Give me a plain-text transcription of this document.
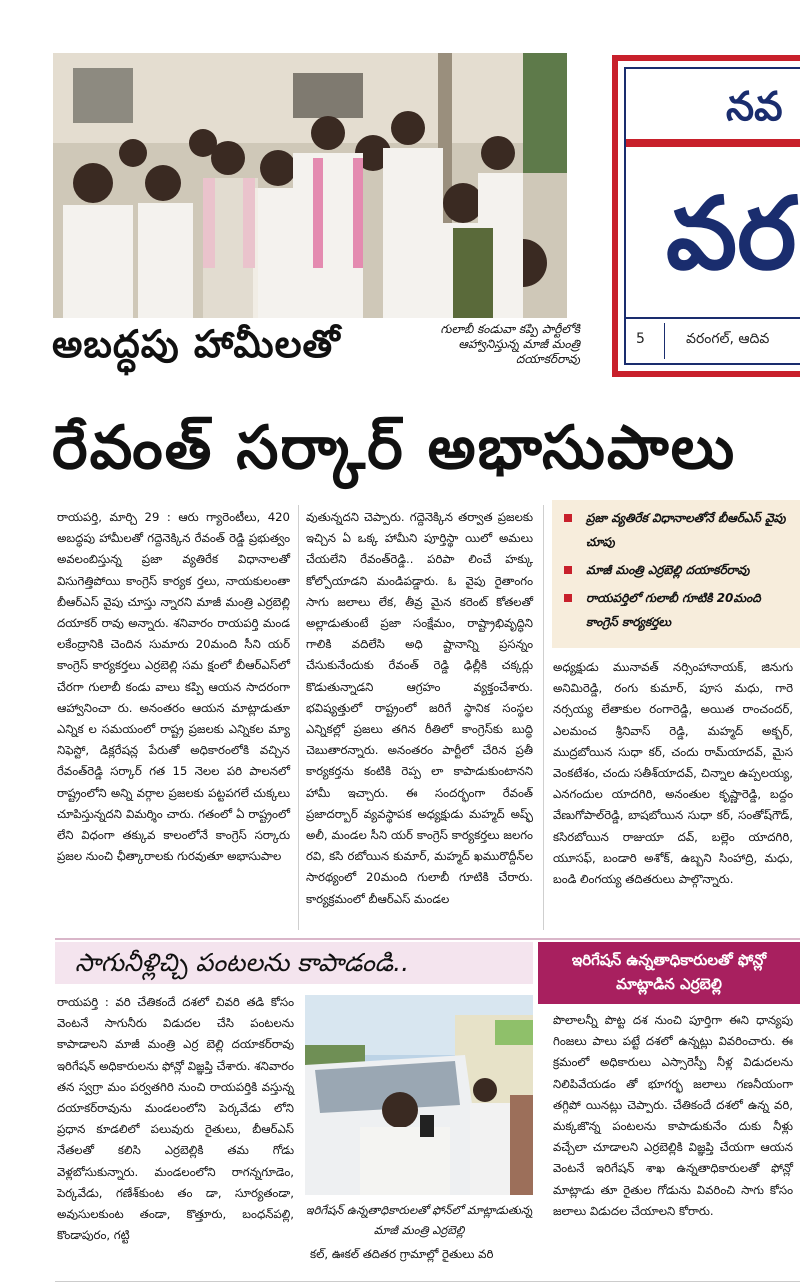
గులాబీ కండువా కప్పి పార్టీలోకి ఆహ్వానిస్తున్న మాజీ మంత్రి దయాకర్‌రావు
అబద్ధపు హామీలతో
రేవంత్ సర్కార్ అభాసుపాలు
నవ
వర
5	వరంగల్, ఆదివ
రాయపర్తి, మార్చి 29 : ఆరు గ్యారెంటీలు, 420 అబద్ధపు హామీలతో గద్దెనెక్కిన రేవంత్ రెడ్డి ప్రభుత్వం అవలంబిస్తున్న ప్రజా వ్యతిరేక విధానాలతో విసుగెత్తిపోయి కాంగ్రెస్ కార్యక ర్తలు, నాయకులంతా బీఆర్‌ఎస్ వైపు చూస్తు న్నారని మాజీ మంత్రి ఎర్రబెల్లి దయాకర్ రావు అన్నారు. శనివారం రాయపర్తి మండ లకేంద్రానికి చెందిన సుమారు 20మంది సీని యర్ కాంగ్రెస్ కార్యకర్తలు ఎర్రబెల్లి సమ క్షంలో బీఆర్‌ఎస్‌లో చేరగా గులాబీ కండు వాలు కప్పి ఆయన సాదరంగా ఆహ్వానించా రు. అనంతరం ఆయన మాట్లాడుతూ ఎన్నిక ల సమయంలో రాష్ట్ర ప్రజలకు ఎన్నికల మ్యా నిఫెస్టో, డిక్లరేషన్ల పేరుతో అధికారంలోకి వచ్చిన రేవంత్‌రెడ్డి సర్కార్ గత 15 నెలల పరి పాలనలో రాష్ట్రంలోని అన్ని వర్గాల ప్రజలకు పట్టపగలే చుక్కలు చూపిస్తున్నదని విమర్శిం చారు. గతంలో ఏ రాష్ట్రంలో లేని విధంగా తక్కువ కాలంలోనే కాంగ్రెస్ సర్కారు ప్రజల నుంచి ఛీత్కారాలకు గురవుతూ అభాసుపాల
వుతున్నదని చెప్పారు. గద్దెనెక్కిన తర్వాత ప్రజలకు ఇచ్చిన ఏ ఒక్క హామీని పూర్తిస్థా యిలో అమలు చేయలేని రేవంత్‌రెడ్డి.. పరిపా లించే హక్కు కోల్పోయాడని మండిపడ్డారు. ఓ వైపు రైతాంగం సాగు జలాలు లేక, తీవ్ర మైన కరెంట్ కోతలతో అల్లాడుతుంటే ప్రజా సంక్షేమం, రాష్ట్రాభివృద్ధిని గాలికి వదిలేసి అధి ష్టానాన్ని ప్రసన్నం చేసుకునేందుకు రేవంత్ రెడ్డి ఢిల్లీకి చక్కర్లు కొడుతున్నాడని ఆగ్రహం వ్యక్తంచేశారు. భవిష్యత్తులో రాష్ట్రంలో జరిగే స్థానిక సంస్థల ఎన్నికల్లో ప్రజలు తగిన రీతిలో కాంగ్రెస్‌కు బుద్ధి చెబుతారన్నారు. అనంతరం పార్టీలో చేరిన ప్రతీ కార్యకర్తను కంటికి రెప్ప లా కాపాడుకుంటానని హామీ ఇచ్చారు. ఈ సందర్భంగా రేవంత్ ప్రజాదర్బార్ వ్యవస్థాపక అధ్యక్షుడు మహ్మద్ అష్ఫ్ అలీ, మండల సీని యర్ కాంగ్రెస్ కార్యకర్తలు జలగం రవి, కసి రబోయిన కుమార్, మహ్మద్ ఖమురొద్దీన్‌ల సారథ్యంలో 20మంది గులాబీ గూటికి చేరారు. కార్యక్రమంలో బీఆర్‌ఎస్ మండల
ప్రజా వ్యతిరేక విధానాలతోనే బీఆర్‌ఎస్ వైపు చూపు
మాజీ మంత్రి ఎర్రబెల్లి దయాకర్‌రావు
రాయపర్తిలో గులాబీ గూటికి 20మంది కాంగ్రెస్ కార్యకర్తలు
అధ్యక్షుడు మునావత్ నర్సింహానాయక్, జినుగు అనిమిరెడ్డి, రంగు కుమార్, పూస మధు, గారె నర్సయ్య లేతాకుల రంగారెడ్డి, అయిత రాంచందర్, ఎలమంచ శ్రీనివాస్ రెడ్డి, మహ్మద్ అక్బర్, ముద్రబోయిన సుధా కర్, చందు రామ్‌యాదవ్, మైస వెంకటేశం, చందు సతీశ్‌యాదవ్, చిన్నాల ఉప్పలయ్య, ఎనగందుల యాదగిరి, అనంతుల కృష్ణారెడ్డి, బద్దం వేణుగోపాల్‌రెడ్డి, బాషబోయిన సుధా కర్, సంతోష్‌గౌడ్, కసిరబోయిన రాజుయా దవ్, బల్లెం యాదగిరి, యూసఫ్, బండారి అశోక్, ఉబ్బని సింహాద్రి, మధు, బండి లింగయ్య తదితరులు పాల్గొన్నారు.
సాగునీళ్లిచ్చి పంటలను కాపాడండి..	ఇరిగేషన్ ఉన్నతాధికారులతో ఫోన్లో మాట్లాడిన ఎర్రబెల్లి
రాయపర్తి : వరి చేతికందే దశలో చివరి తడి కోసం వెంటనే సాగునీరు విడుదల చేసి పంటలను కాపాడాలని మాజీ మంత్రి ఎర్ర బెల్లి దయాకర్‌రావు ఇరిగేషన్ అధికారులను ఫోన్లో విజ్ఞప్తి చేశారు. శనివారం తన స్వగ్రా మం పర్వతగిరి నుంచి రాయపర్తికి వస్తున్న దయాకర్‌రావును మండలంలోని పెర్కవేడు లోని ప్రధాన కూడలిలో పలువురు రైతులు, బీఆర్‌ఎస్ నేతలతో కలిసి ఎర్రబెల్లికి తమ గోడు వెళ్లబోసుకున్నారు. మండలంలోని రాగన్నగూడెం, పెర్కవేడు, గణేశ్‌కుంట తం డా, సూర్యతండా, అవుసులకుంట తండా, కొత్తూరు, బంధన్‌పల్లి, కొండాపురం, గట్టి
ఇరిగేషన్ ఉన్నతాధికారులతో ఫోన్‌లో మాట్లాడుతున్న మాజీ మంత్రి ఎర్రబెల్లి
కల్, ఊకల్ తదితర గ్రామాల్లో రైతులు వరి
పొలాలన్నీ పొట్ట దశ నుంచి పూర్తిగా ఈని ధాన్యపు గింజలు పాలు పట్టే దశలో ఉన్నట్లు వివరించారు. ఈ క్రమంలో అధికారులు ఎస్సారెస్పీ నీళ్ల విడుదలను నిలిపివేయడం తో భూగర్భ జలాలు గణనీయంగా తగ్గిపో యినట్లు చెప్పారు. చేతికందే దశలో ఉన్న వరి, మక్కజొన్న పంటలను కాపాడుకునేం దుకు నీళ్లు వచ్చేలా చూడాలని ఎర్రబెల్లికి విజ్ఞప్తి చేయగా ఆయన వెంటనే ఇరిగేషన్ శాఖ ఉన్నతాధికారులతో ఫోన్లో మాట్లాడు తూ రైతుల గోడును వివరించి సాగు కోసం జలాలు విడుదల చేయాలని కోరారు.
